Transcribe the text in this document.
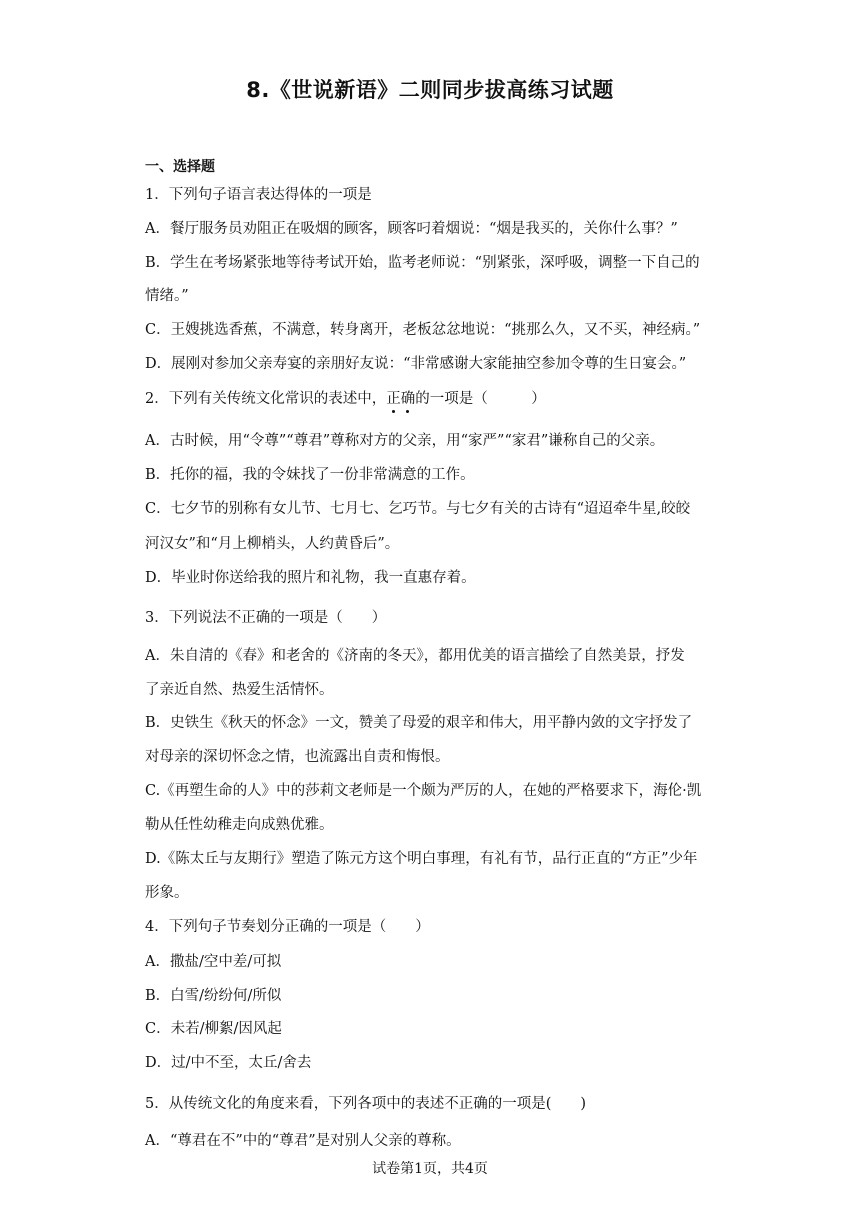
8.《世说新语》二则同步拔高练习试题
一、选择题
1．下列句子语言表达得体的一项是
A．餐厅服务员劝阻正在吸烟的顾客，顾客叼着烟说：“烟是我买的，关你什么事？”
B．学生在考场紧张地等待考试开始，监考老师说：“别紧张，深呼吸，调整一下自己的
情绪。”
C．王嫂挑选香蕉，不满意，转身离开，老板忿忿地说：“挑那么久，又不买，神经病。”
D．展刚对参加父亲寿宴的亲朋好友说：“非常感谢大家能抽空参加令尊的生日宴会。”
2．下列有关传统文化常识的表述中，正确的一项是（　　　）
A．古时候，用“令尊”“尊君”尊称对方的父亲，用“家严”“家君”谦称自己的父亲。
B．托你的福，我的令妹找了一份非常满意的工作。
C．七夕节的别称有女儿节、七月七、乞巧节。与七夕有关的古诗有“迢迢牵牛星,皎皎
河汉女”和“月上柳梢头，人约黄昏后”。
D．毕业时你送给我的照片和礼物，我一直惠存着。
3．下列说法不正确的一项是（　　）
A．朱自清的《春》和老舍的《济南的冬天》，都用优美的语言描绘了自然美景，抒发
了亲近自然、热爱生活情怀。
B．史铁生《秋天的怀念》一文，赞美了母爱的艰辛和伟大，用平静内敛的文字抒发了
对母亲的深切怀念之情，也流露出自责和悔恨。
C.《再塑生命的人》中的莎莉文老师是一个颇为严厉的人，在她的严格要求下，海伦·凯
勒从任性幼稚走向成熟优雅。
D.《陈太丘与友期行》塑造了陈元方这个明白事理，有礼有节，品行正直的“方正”少年
形象。
4．下列句子节奏划分正确的一项是（　　）
A．撒盐/空中差/可拟
B．白雪/纷纷何/所似
C．未若/柳絮/因风起
D．过/中不至，太丘/舍去
5．从传统文化的角度来看，下列各项中的表述不正确的一项是(　　)
A．“尊君在不”中的“尊君”是对别人父亲的尊称。
试卷第1页，共4页
